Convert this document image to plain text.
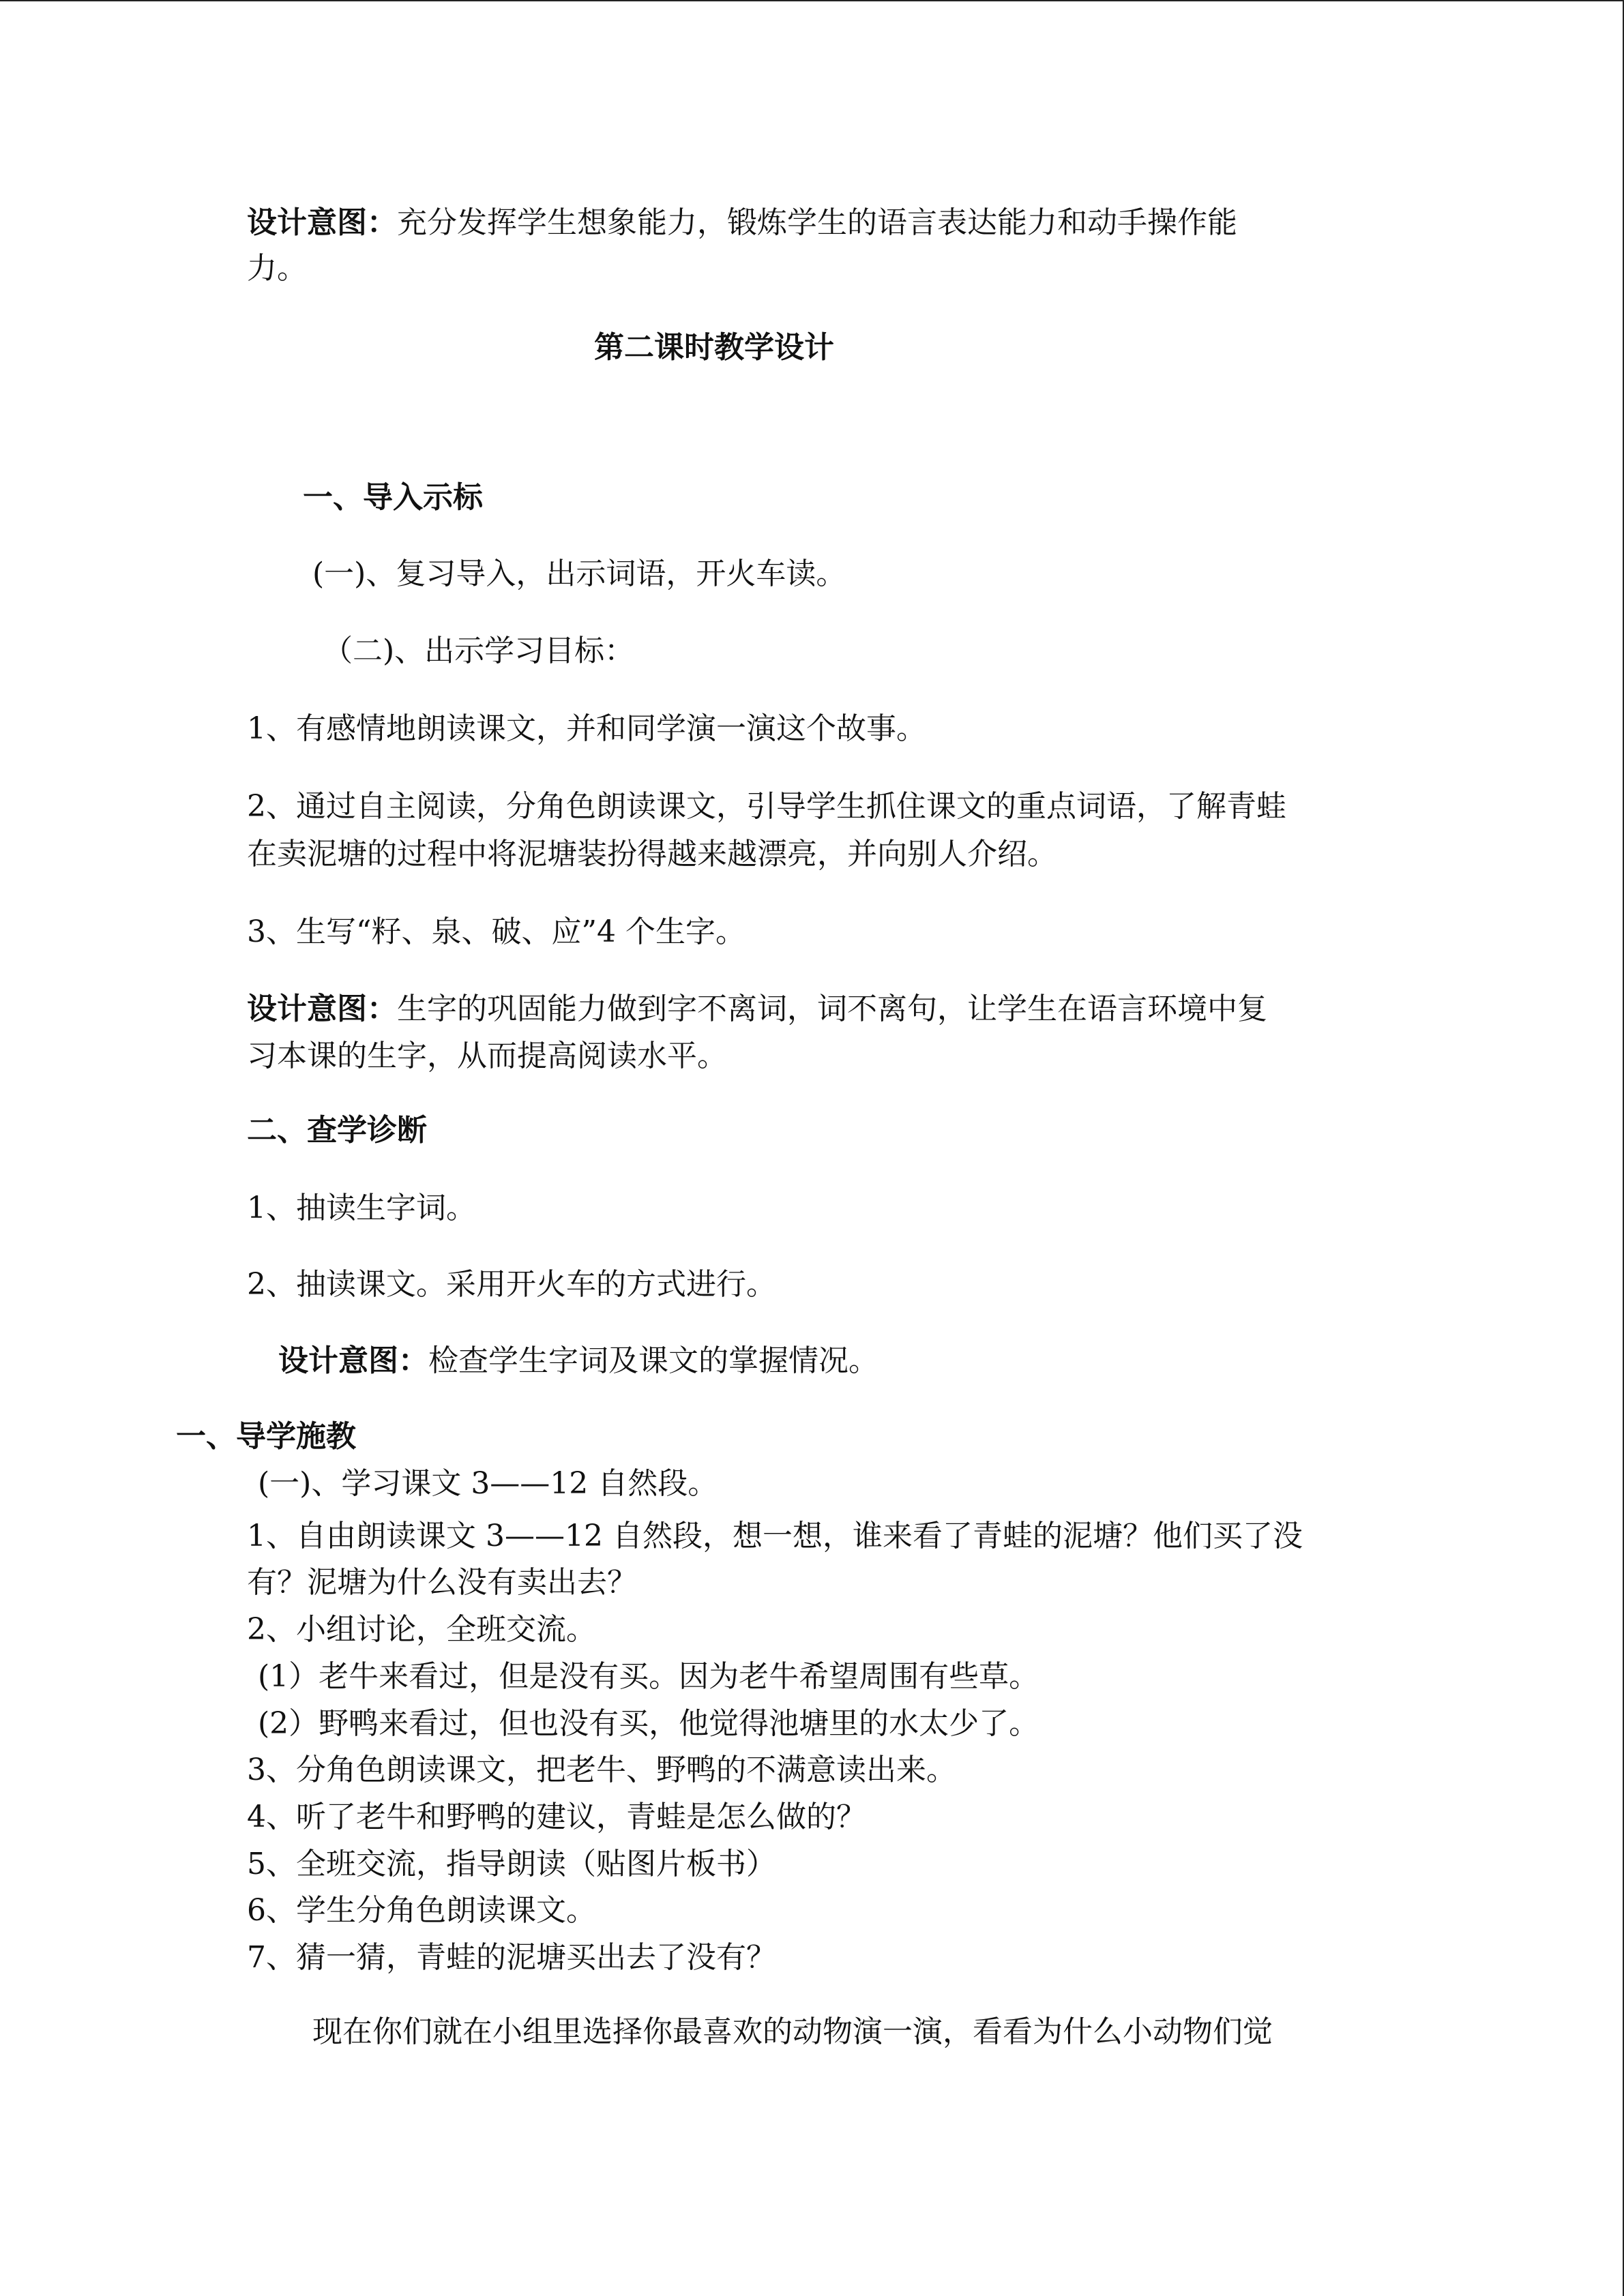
设计意图：充分发挥学生想象能力，锻炼学生的语言表达能力和动手操作能
力。
第二课时教学设计
一、导入示标
(一)、复习导入，出示词语，开火车读。
（二)、出示学习目标：
1、有感情地朗读课文，并和同学演一演这个故事。
2、通过自主阅读，分角色朗读课文，引导学生抓住课文的重点词语，了解青蛙
在卖泥塘的过程中将泥塘装扮得越来越漂亮，并向别人介绍。
3、生写“籽、泉、破、应”4 个生字。
设计意图：生字的巩固能力做到字不离词，词不离句，让学生在语言环境中复
习本课的生字，从而提高阅读水平。
二、查学诊断
1、抽读生字词。
2、抽读课文。采用开火车的方式进行。
设计意图：检查学生字词及课文的掌握情况。
一、导学施教
(一)、学习课文 3——12 自然段。
1、自由朗读课文 3——12 自然段，想一想，谁来看了青蛙的泥塘？他们买了没
有？泥塘为什么没有卖出去？
2、小组讨论，全班交流。
(1）老牛来看过，但是没有买。因为老牛希望周围有些草。
(2）野鸭来看过，但也没有买，他觉得池塘里的水太少了。
3、分角色朗读课文，把老牛、野鸭的不满意读出来。
4、听了老牛和野鸭的建议，青蛙是怎么做的？
5、全班交流，指导朗读（贴图片板书）
6、学生分角色朗读课文。
7、猜一猜，青蛙的泥塘买出去了没有？
现在你们就在小组里选择你最喜欢的动物演一演，看看为什么小动物们觉
